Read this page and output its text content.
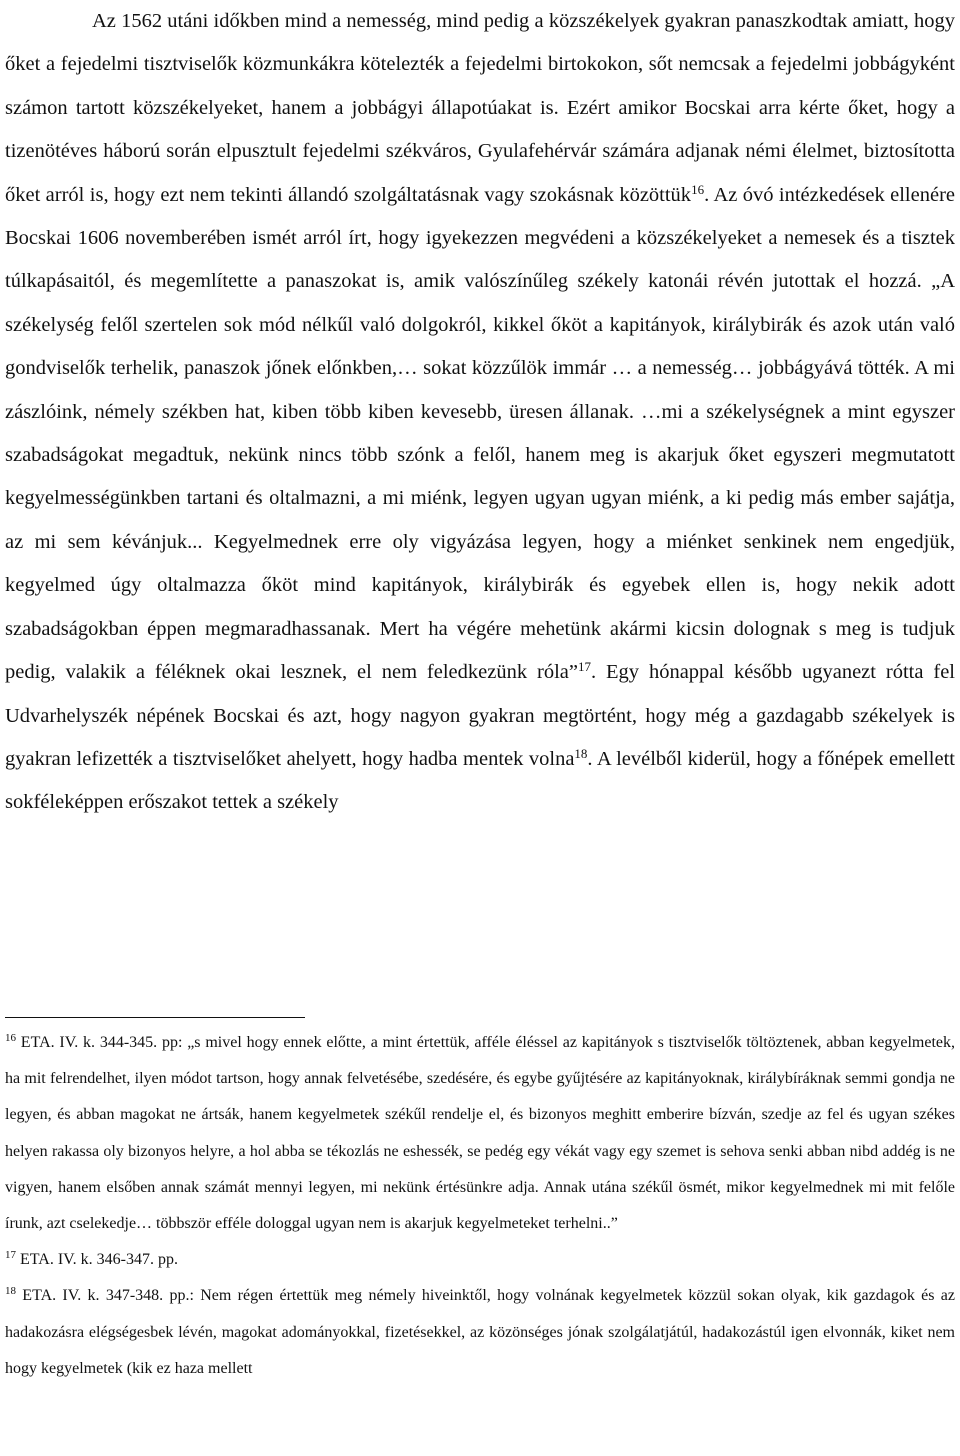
Az 1562 utáni időkben mind a nemesség, mind pedig a közszékelyek gyakran panaszkodtak amiatt, hogy őket a fejedelmi tisztviselők közmunkákra kötelezték a fejedelmi birtokokon, sőt nemcsak a fejedelmi jobbágyként számon tartott közszékelyeket, hanem a jobbágyi állapotúakat is. Ezért amikor Bocskai arra kérte őket, hogy a tizenötéves háború során elpusztult fejedelmi székváros, Gyulafehérvár számára adjanak némi élelmet, biztosította őket arról is, hogy ezt nem tekinti állandó szolgáltatásnak vagy szokásnak közöttük$^{16}$. Az óvó intézkedések ellenére Bocskai 1606 novemberében ismét arról írt, hogy igyekezzen megvédeni a közszékelyeket a nemesek és a tisztek túlkapásaitól, és megemlítette a panaszokat is, amik valószínűleg székely katonái révén jutottak el hozzá. „A székelység felől szertelen sok mód nélkűl való dolgokról, kikkel őköt a kapitányok, királybirák és azok után való gondviselők terhelik, panaszok jőnek előnkben,… sokat közzűlök immár … a nemesség… jobbágyává tötték. A mi zászlóink, némely székben hat, kiben több kiben kevesebb, üresen állanak. …mi a székelységnek a mint egyszer szabadságokat megadtuk, nekünk nincs több szónk a felől, hanem meg is akarjuk őket egyszeri megmutatott kegyelmességünkben tartani és oltalmazni, a mi miénk, legyen ugyan ugyan miénk, a ki pedig más ember sajátja, az mi sem kévánjuk... Kegyelmednek erre oly vigyázása legyen, hogy a miénket senkinek nem engedjük, kegyelmed úgy oltalmazza őköt mind kapitányok, királybirák és egyebek ellen is, hogy nekik adott szabadságokban éppen megmaradhassanak. Mert ha végére mehetünk akármi kicsin dolognak s meg is tudjuk pedig, valakik a féléknek okai lesznek, el nem feledkezünk róla”$^{17}$. Egy hónappal később ugyanezt rótta fel Udvarhelyszék népének Bocskai és azt, hogy nagyon gyakran megtörtént, hogy még a gazdagabb székelyek is gyakran lefizették a tisztviselőket ahelyett, hogy hadba mentek volna$^{18}$. A levélből kiderül, hogy a főnépek emellett sokféleképpen erőszakot tettek a székely

$^{16}$ ETA. IV. k. 344-345. pp: „s mivel hogy ennek előtte, a mint értettük, afféle éléssel az kapitányok s tisztviselők töltöztenek, abban kegyelmetek, ha mit felrendelhet, ilyen módot tartson, hogy annak felvetésébe, szedésére, és egybe gyűjtésére az kapitányoknak, királybíráknak semmi gondja ne legyen, és abban magokat ne ártsák, hanem kegyelmetek székűl rendelje el, és bizonyos meghitt emberire bízván, szedje az fel és ugyan székes helyen rakassa oly bizonyos helyre, a hol abba se tékozlás ne eshessék, se pedég egy vékát vagy egy szemet is sehova senki abban nibd addég is ne vigyen, hanem elsőben annak számát mennyi legyen, mi nekünk értésünkre adja. Annak utána székűl ösmét, mikor kegyelmednek mi mit felőle írunk, azt cselekedje… többször efféle dologgal ugyan nem is akarjuk kegyelmeteket terhelni..”

$^{17}$ ETA. IV. k. 346-347. pp.

$^{18}$ ETA. IV. k. 347-348. pp.: Nem régen értettük meg némely hiveinktől, hogy volnának kegyelmetek közzül sokan olyak, kik gazdagok és az hadakozásra elégségesbek lévén, magokat adományokkal, fizetésekkel, az közönséges jónak szolgálatjátúl, hadakozástúl igen elvonnák, kiket nem hogy kegyelmetek (kik ez haza mellett
